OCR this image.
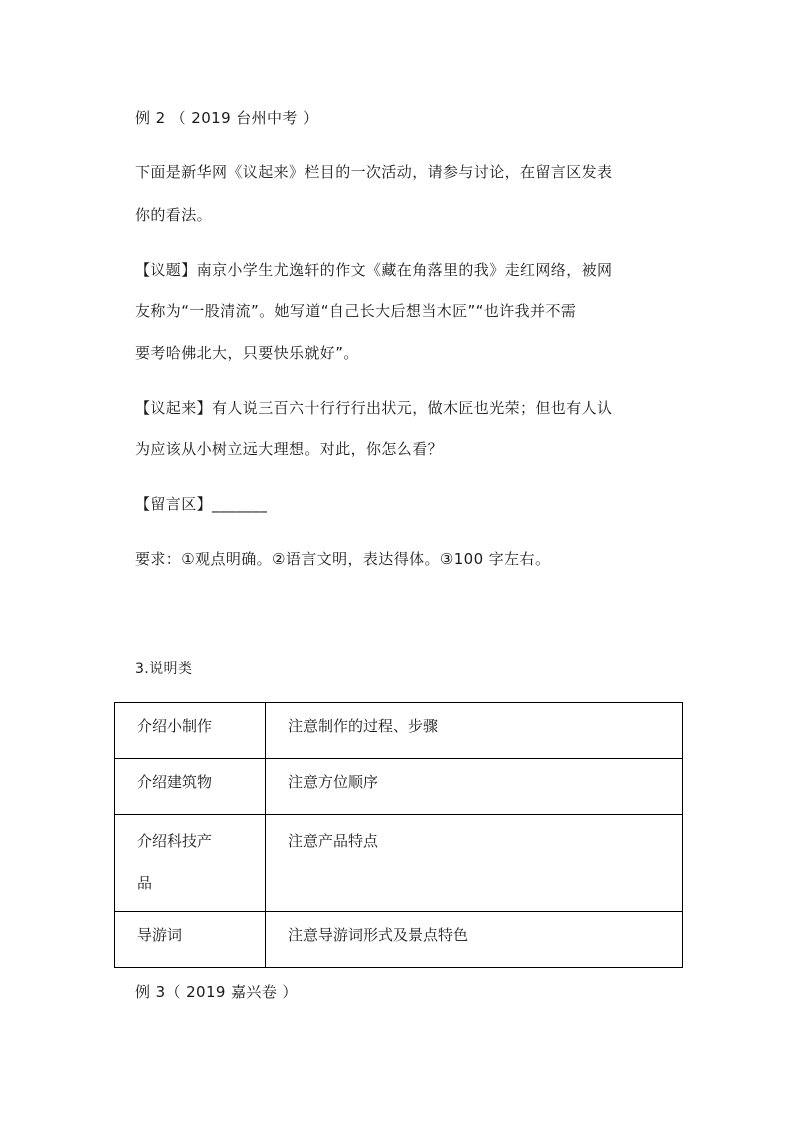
例 2 （ 2019 台州中考 ）
下面是新华网《议起来》栏目的一次活动，请参与讨论，在留言区发表
你的看法。
【议题】南京小学生尤逸轩的作文《藏在角落里的我》走红网络，被网
友称为“一股清流”。她写道“自己长大后想当木匠”“也许我并不需
要考哈佛北大，只要快乐就好”。
【议起来】有人说三百六十行行行出状元，做木匠也光荣；但也有人认
为应该从小树立远大理想。对此，你怎么看？
【留言区】_______
要求：①观点明确。②语言文明，表达得体。③100 字左右。
3.说明类
介绍小制作	注意制作的过程、步骤

介绍建筑物	注意方位顺序

介绍科技产
品	注意产品特点

导游词	注意导游词形式及景点特色
例 3（ 2019 嘉兴卷 ）
